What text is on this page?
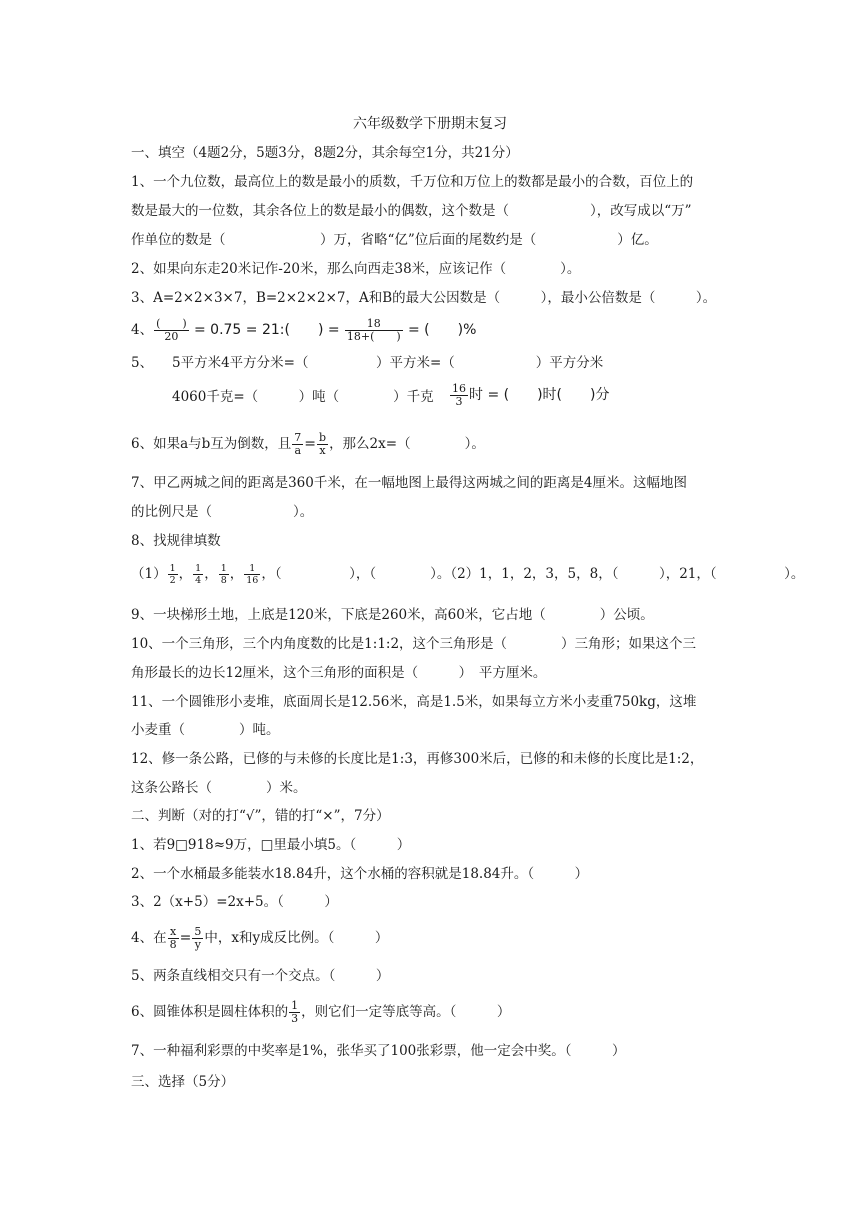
六年级数学下册期末复习
一、填空（4题2分，5题3分，8题2分，其余每空1分，共21分）
1、一个九位数，最高位上的数是最小的质数，千万位和万位上的数都是最小的合数，百位上的
数是最大的一位数，其余各位上的数是最小的偶数，这个数是（　　　　　　），改写成以“万”
作单位的数是（　　　　　　　）万，省略“亿”位后面的尾数约是（　　　　　　）亿。
2、如果向东走20米记作-20米，那么向西走38米，应该记作（　　　　）。
3、A=2×2×3×7，B=2×2×2×7，A和B的最大公因数是（　　　），最小公倍数是（　　　）。
4、 $\frac{( )}{20} = 0.75$ = 21:(　　) = $\frac{18}{18+( )}$ = (　　)%
5、 5平方米4平方分米=（　　　　　）平方米=（　　　　　　）平方分米
4060千克=（　　　）吨（　　　　）千克 $\frac{16}{3}$ 时 = (　　)时(　　)分
6、如果a与b互为倒数，且 $\frac{7}{a} = \frac{b}{x}$ ，那么2x=（　　　　）。
7、甲乙两城之间的距离是360千米，在一幅地图上最得这两城之间的距离是4厘米。这幅地图
的比例尺是（　　　　　　）。
8、找规律填数
$(1) \frac{1}{2}$ ， $\frac{1}{4}$ ， $\frac{1}{8}$ ， $\frac{1}{16}$ ，（　　　　　），（　　　　）。（2）1，1，2，3，5，8，（　　　），21，（　　　　　）。
9、一块梯形土地，上底是120米，下底是260米，高60米，它占地（　　　　）公顷。
10、一个三角形，三个内角度数的比是1:1:2，这个三角形是（　　　　）三角形；如果这个三
角形最长的边长12厘米，这个三角形的面积是（　　　）　平方厘米。
11、一个圆锥形小麦堆，底面周长是12.56米，高是1.5米，如果每立方米小麦重750kg，这堆
小麦重（　　　　）吨。
12、修一条公路，已修的与未修的长度比是1:3，再修300米后，已修的和未修的长度比是1:2，
这条公路长（　　　　）米。
二、判断（对的打“√”，错的打“×”，7分）
1、若9□918≈9万，□里最小填5。（　　　）
2、一个水桶最多能装水18.84升，这个水桶的容积就是18.84升。（　　　）
3、2（x+5）=2x+5。（　　　）
4、在 $\frac{x}{8} = \frac{5}{y}$ 中，x和y成反比例。（　　　）
5、两条直线相交只有一个交点。（　　　）
6、圆锥体积是圆柱体积的 $\frac{1}{3}$ ，则它们一定等底等高。（　　　）
7、一种福利彩票的中奖率是1%，张华买了100张彩票，他一定会中奖。（　　　）
三、选择（5分）
